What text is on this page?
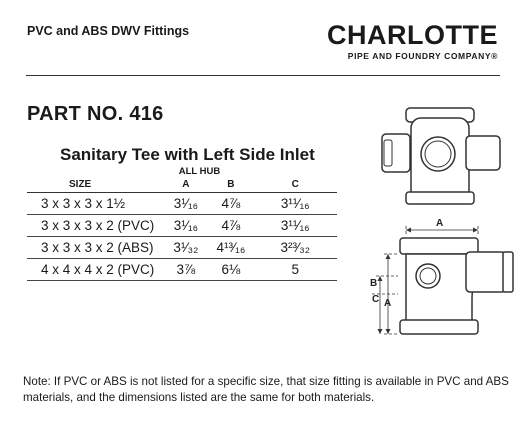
PVC and ABS DWV Fittings	CHARLOTTE
PIPE AND FOUNDRY COMPANY®
PART NO. 416
Sanitary Tee with Left Side Inlet
ALL HUB
SIZE	A	B	C
3 x 3 x 3 x 1½	3¹⁄₁₆	4⅞	3¹¹⁄₁₆
3 x 3 x 3 x 2 (PVC)	3¹⁄₁₆	4⅞	3¹¹⁄₁₆
3 x 3 x 3 x 2 (ABS)	3¹⁄₃₂	4¹³⁄₁₆	3²³⁄₃₂
4 x 4 x 4 x 2 (PVC)	3⅞	6⅛	5
A
B
C A
Note: If PVC or ABS is not listed for a specific size, that size fitting is available in PVC and ABS materials, and the dimensions listed are the same for both materials.
